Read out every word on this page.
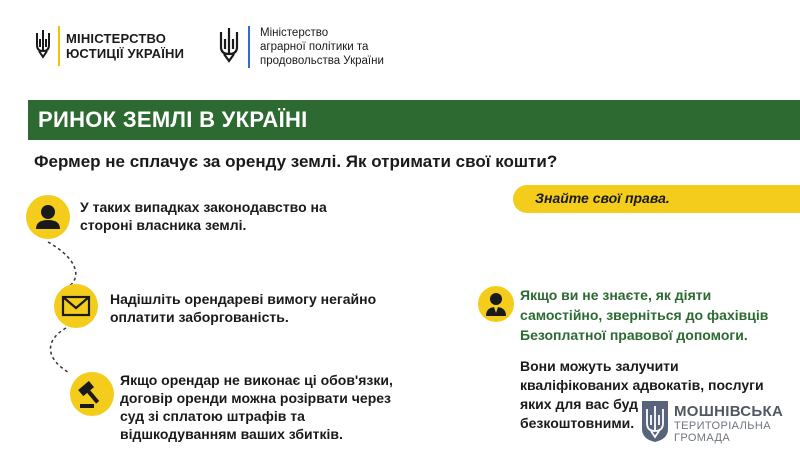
МІНІСТЕРСТВО
ЮСТИЦІЇ УКРАЇНИ
Міністерство
аграрної політики та
продовольства України
РИНОК ЗЕМЛІ В УКРАЇНІ
Фермер не сплачує за оренду землі. Як отримати свої кошти?
Знайте свої права.
У таких випадках законодавство на
стороні власника землі.
Надішліть орендареві вимогу негайно
оплатити заборгованість.
Якщо орендар не виконає ці обов'язки,
договір оренди можна розірвати через
суд зі сплатою штрафів та
відшкодуванням ваших збитків.
Якщо ви не знаєте, як діяти
самостійно, зверніться до фахівців
Безоплатної правової допомоги.
Вони можуть залучити
кваліфікованих адвокатів, послуги
яких для вас буд
безкоштовними.
МОШНІВСЬКА
ТЕРИТОРІАЛЬНА
ГРОМАДА
